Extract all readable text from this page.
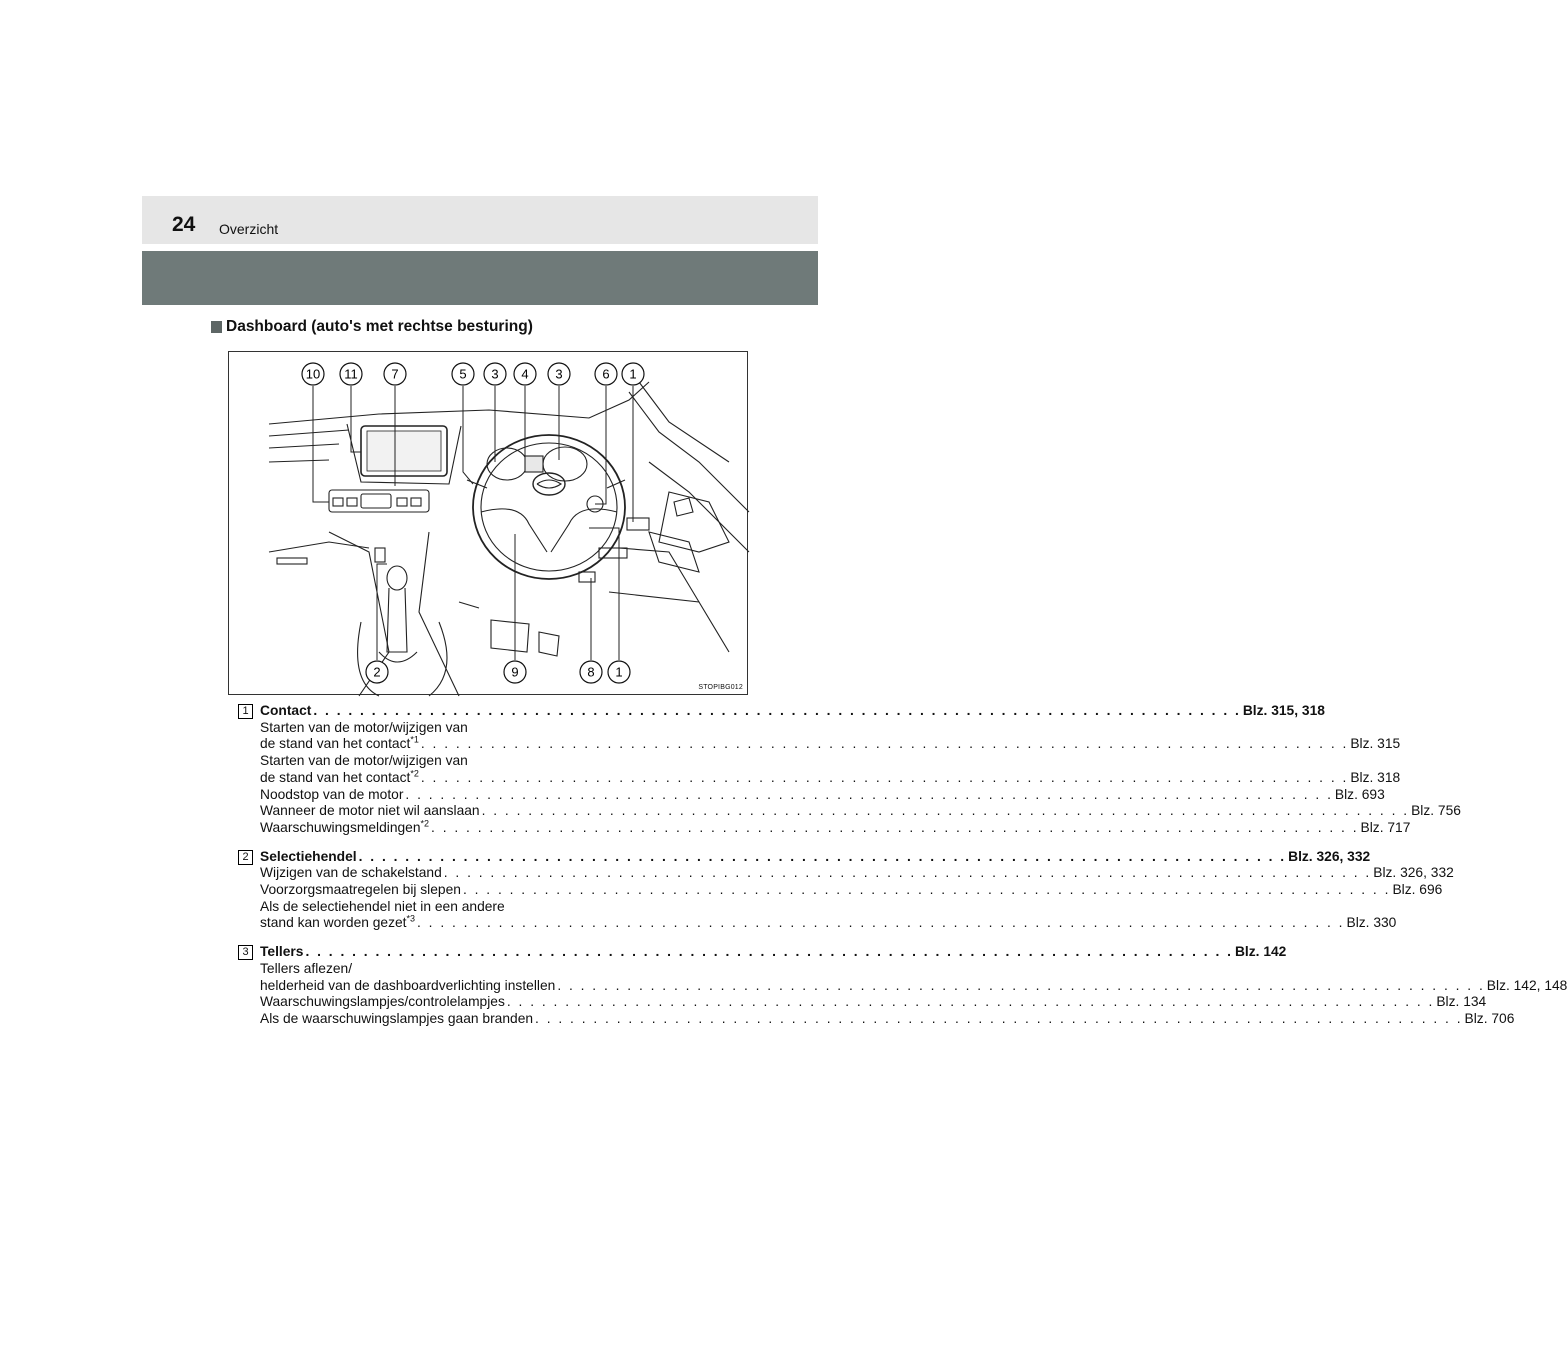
24 Overzicht
Dashboard (auto's met rechtse besturing)
10 11	7	5 3 4 3	6 1
2	9	8 1
STOPIBG012
1 Contact . . . . . . . . . . . . . . . . . . . . . . . . . . . . . . . . . . . . . . . . . . . . . . . . . . . . . . . . . . . . . . . . . . . . . . . . . . . . . . . . Blz. 315, 318
Starten van de motor/wijzigen van
de stand van het contact$^{*1}$ . . . . . . . . . . . . . . . . . . . . . . . . . . . . . . . . . . . . . . . . . . . . . . . . . . . . . . . . . . . . . . . . . . . . . . . . . . . . . . . . Blz. 315
Starten van de motor/wijzigen van
de stand van het contact$^{*2}$ . . . . . . . . . . . . . . . . . . . . . . . . . . . . . . . . . . . . . . . . . . . . . . . . . . . . . . . . . . . . . . . . . . . . . . . . . . . . . . . . Blz. 318
Noodstop van de motor . . . . . . . . . . . . . . . . . . . . . . . . . . . . . . . . . . . . . . . . . . . . . . . . . . . . . . . . . . . . . . . . . . . . . . . . . . . . . . . . Blz. 693
Wanneer de motor niet wil aanslaan . . . . . . . . . . . . . . . . . . . . . . . . . . . . . . . . . . . . . . . . . . . . . . . . . . . . . . . . . . . . . . . . . . . . . . . . . . . . . . . . Blz. 756
Waarschuwingsmeldingen$^{*2}$ . . . . . . . . . . . . . . . . . . . . . . . . . . . . . . . . . . . . . . . . . . . . . . . . . . . . . . . . . . . . . . . . . . . . . . . . . . . . . . . . Blz. 717
2 Selectiehendel . . . . . . . . . . . . . . . . . . . . . . . . . . . . . . . . . . . . . . . . . . . . . . . . . . . . . . . . . . . . . . . . . . . . . . . . . . . . . . . . Blz. 326, 332
Wijzigen van de schakelstand . . . . . . . . . . . . . . . . . . . . . . . . . . . . . . . . . . . . . . . . . . . . . . . . . . . . . . . . . . . . . . . . . . . . . . . . . . . . . . . . Blz. 326, 332
Voorzorgsmaatregelen bij slepen . . . . . . . . . . . . . . . . . . . . . . . . . . . . . . . . . . . . . . . . . . . . . . . . . . . . . . . . . . . . . . . . . . . . . . . . . . . . . . . . Blz. 696
Als de selectiehendel niet in een andere
stand kan worden gezet$^{*3}$ . . . . . . . . . . . . . . . . . . . . . . . . . . . . . . . . . . . . . . . . . . . . . . . . . . . . . . . . . . . . . . . . . . . . . . . . . . . . . . . . Blz. 330
3 Tellers . . . . . . . . . . . . . . . . . . . . . . . . . . . . . . . . . . . . . . . . . . . . . . . . . . . . . . . . . . . . . . . . . . . . . . . . . . . . . . . . Blz. 142
Tellers aflezen/
helderheid van de dashboardverlichting instellen . . . . . . . . . . . . . . . . . . . . . . . . . . . . . . . . . . . . . . . . . . . . . . . . . . . . . . . . . . . . . . . . . . . . . . . . . . . . . . . . Blz. 142, 148
Waarschuwingslampjes/controlelampjes . . . . . . . . . . . . . . . . . . . . . . . . . . . . . . . . . . . . . . . . . . . . . . . . . . . . . . . . . . . . . . . . . . . . . . . . . . . . . . . . Blz. 134
Als de waarschuwingslampjes gaan branden . . . . . . . . . . . . . . . . . . . . . . . . . . . . . . . . . . . . . . . . . . . . . . . . . . . . . . . . . . . . . . . . . . . . . . . . . . . . . . . . Blz. 706
